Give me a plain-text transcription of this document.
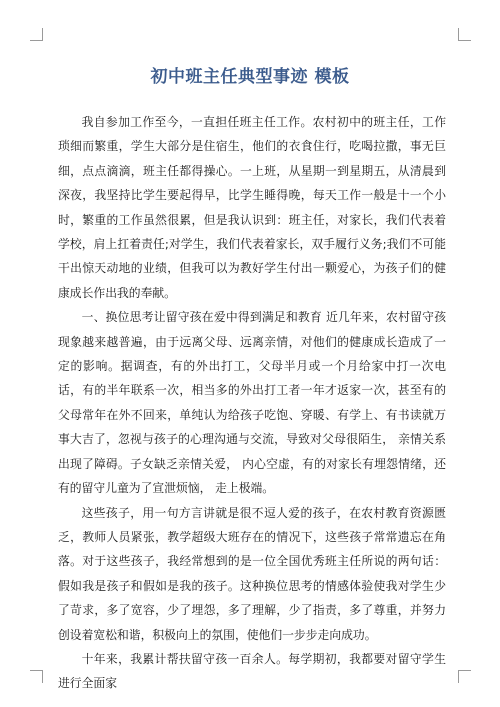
初中班主任典型事迹 模板

我自参加工作至今，一直担任班主任工作。农村初中的班主任，工作琐细而繁重，学生大部分是住宿生，他们的衣食住行，吃喝拉撒，事无巨细，点点滴滴，班主任都得操心。一上班，从星期一到星期五，从清晨到深夜，我坚持比学生要起得早，比学生睡得晚，每天工作一般是十一个小时，繁重的工作虽然很累，但是我认识到：班主任，对家长，我们代表着学校，肩上扛着责任;对学生，我们代表着家长，双手履行义务;我们不可能干出惊天动地的业绩，但我可以为教好学生付出一颗爱心，为孩子们的健康成长作出我的奉献。

一、换位思考让留守孩在爱中得到满足和教育 近几年来，农村留守孩现象越来越普遍，由于远离父母、远离亲情，对他们的健康成长造成了一定的影响。据调查，有的外出打工，父母半月或一个月给家中打一次电话，有的半年联系一次，相当多的外出打工者一年才返家一次，甚至有的父母常年在外不回来，单纯认为给孩子吃饱、穿暖、有学上、有书读就万事大吉了，忽视与孩子的心理沟通与交流，导致对父母很陌生， 亲情关系出现了障碍。子女缺乏亲情关爱， 内心空虚，有的对家长有埋怨情绪，还有的留守儿童为了宣泄烦恼， 走上极端。

这些孩子，用一句方言讲就是很不逗人爱的孩子，在农村教育资源匮乏，教师人员紧张，教学超级大班存在的情况下，这些孩子常常遗忘在角落。对于这些孩子，我经常想到的是一位全国优秀班主任所说的两句话：假如我是孩子和假如是我的孩子。这种换位思考的情感体验使我对学生少了苛求，多了宽容，少了埋怨，多了理解，少了指责，多了尊重，并努力创设着宽松和谐，积极向上的氛围，使他们一步步走向成功。

十年来，我累计帮扶留守孩一百余人。每学期初，我都要对留守学生进行全面家
